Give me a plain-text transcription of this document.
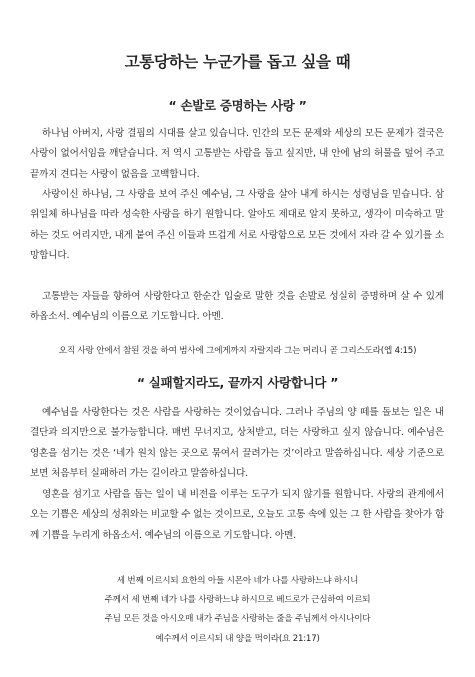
고통당하는 누군가를 돕고 싶을 때
“ 손발로 증명하는 사랑 ”

하나님 아버지, 사랑 결핍의 시대를 살고 있습니다. 인간의 모든 문제와 세상의 모든 문제가 결국은 사랑이 없어서임을 깨닫습니다. 저 역시 고통받는 사람을 돕고 싶지만, 내 안에 남의 허물을 덮어 주고 끝까지 견디는 사랑이 없음을 고백합니다.

사랑이신 하나님, 그 사랑을 보여 주신 예수님, 그 사랑을 살아 내게 하시는 성령님을 믿습니다. 삼위일체 하나님을 따라 성숙한 사랑을 하기 원합니다. 알아도 제대로 알지 못하고, 생각이 미숙하고 말하는 것도 어리지만, 내게 붙여 주신 이들과 뜨겁게 서로 사랑함으로 모든 것에서 자라 갈 수 있기를 소망합니다.

고통받는 자들을 향하여 사랑한다고 한순간 입술로 말한 것을 손발로 성실히 증명하며 살 수 있게 하옵소서. 예수님의 이름으로 기도합니다. 아멘.

오직 사랑 안에서 참된 것을 하여 범사에 그에게까지 자랄지라 그는 머리니 곧 그리스도라(엡 4:15)

“ 실패할지라도, 끝까지 사랑합니다 ”

예수님을 사랑한다는 것은 사람을 사랑하는 것이었습니다. 그러나 주님의 양 떼를 돌보는 일은 내 결단과 의지만으로 불가능합니다. 매번 무너지고, 상처받고, 더는 사랑하고 싶지 않습니다. 예수님은 영혼을 섬기는 것은 ‘네가 원치 않는 곳으로 묶여서 끌려가는 것’이라고 말씀하십니다. 세상 기준으로 보면 처음부터 실패하러 가는 길이라고 말씀하십니다.

영혼을 섬기고 사람을 돕는 일이 내 비전을 이루는 도구가 되지 않기를 원합니다. 사랑의 관계에서 오는 기쁨은 세상의 성취와는 비교할 수 없는 것이므로, 오늘도 고통 속에 있는 그 한 사람을 찾아가 함께 기쁨을 누리게 하옵소서. 예수님의 이름으로 기도합니다. 아멘.

세 번째 이르시되 요한의 아들 시몬아 네가 나를 사랑하느냐 하시니
주께서 세 번째 네가 나를 사랑하느냐 하시므로 베드로가 근심하여 이르되
주님 모든 것을 아시오매 내가 주님을 사랑하는 줄을 주님께서 아시나이다
예수께서 이르시되 내 양을 먹이라(요 21:17)
